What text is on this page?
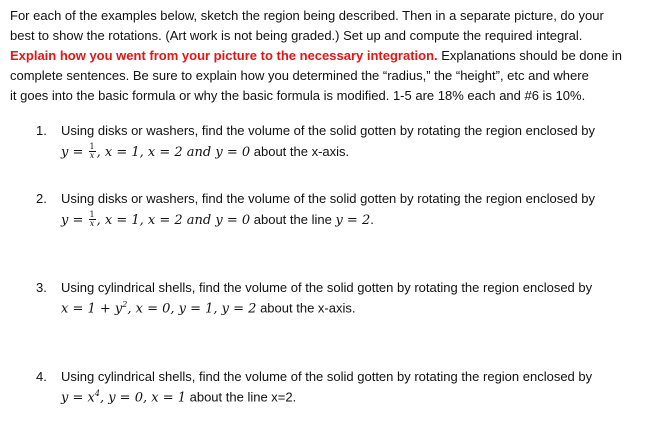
For each of the examples below, sketch the region being described. Then in a separate picture, do your
best to show the rotations. (Art work is not being graded.) Set up and compute the required integral.
Explain how you went from your picture to the necessary integration. Explanations should be done in
complete sentences. Be sure to explain how you determined the “radius,” the “height”, etc and where
it goes into the basic formula or why the basic formula is modified. 1-5 are 18% each and #6 is 10%.
1.	Using disks or washers, find the volume of the solid gotten by rotating the region enclosed by
$y = \frac{1}{x}$ , x = 1, x = 2 and y = 0 about the x-axis.
2.	Using disks or washers, find the volume of the solid gotten by rotating the region enclosed by
$y = \frac{1}{x}$ , x = 1, x = 2 and y = 0 about the line y = 2.
3.	Using cylindrical shells, find the volume of the solid gotten by rotating the region enclosed by
$x = 1 + y^2$, x = 0, y = 1, y = 2 about the x-axis.
4.	Using cylindrical shells, find the volume of the solid gotten by rotating the region enclosed by
$y = x^4$, y = 0, x = 1 about the line x=2.
